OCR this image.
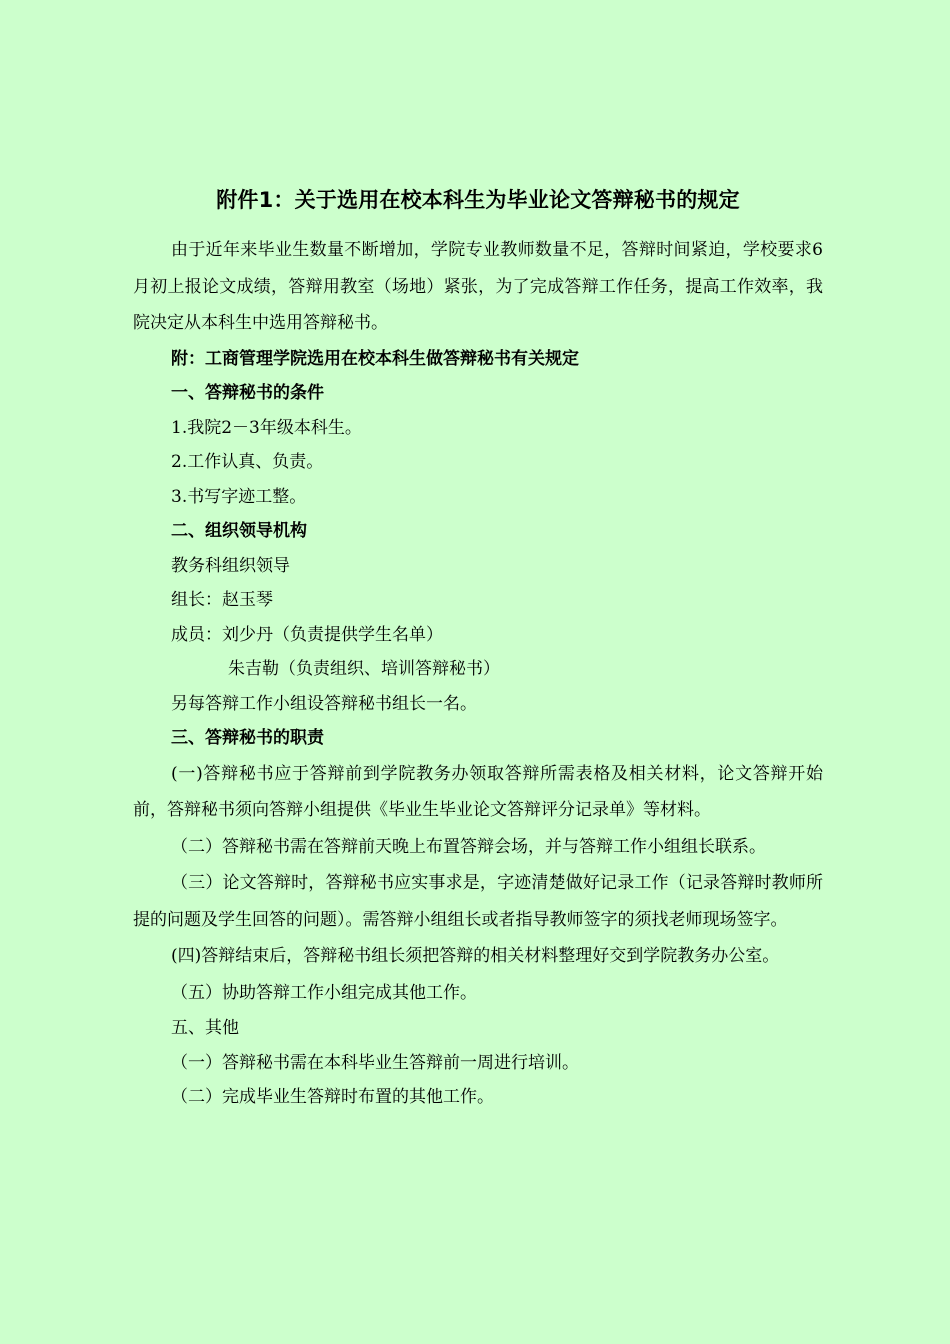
附件1：关于选用在校本科生为毕业论文答辩秘书的规定

由于近年来毕业生数量不断增加，学院专业教师数量不足，答辩时间紧迫，学校要求6月初上报论文成绩，答辩用教室（场地）紧张，为了完成答辩工作任务，提高工作效率，我院决定从本科生中选用答辩秘书。

附：工商管理学院选用在校本科生做答辩秘书有关规定
一、答辩秘书的条件
1.我院2－3年级本科生。
2.工作认真、负责。
3.书写字迹工整。
二、组织领导机构
教务科组织领导
组长：赵玉琴
成员：刘少丹（负责提供学生名单）
朱吉勒（负责组织、培训答辩秘书）
另每答辩工作小组设答辩秘书组长一名。
三、答辩秘书的职责

(一)答辩秘书应于答辩前到学院教务办领取答辩所需表格及相关材料，论文答辩开始前，答辩秘书须向答辩小组提供《毕业生毕业论文答辩评分记录单》等材料。

（二）答辩秘书需在答辩前天晚上布置答辩会场，并与答辩工作小组组长联系。

（三）论文答辩时，答辩秘书应实事求是，字迹清楚做好记录工作（记录答辩时教师所提的问题及学生回答的问题）。需答辩小组组长或者指导教师签字的须找老师现场签字。

(四)答辩结束后，答辩秘书组长须把答辩的相关材料整理好交到学院教务办公室。

（五）协助答辩工作小组完成其他工作。

五、其他
（一）答辩秘书需在本科毕业生答辩前一周进行培训。
（二）完成毕业生答辩时布置的其他工作。
